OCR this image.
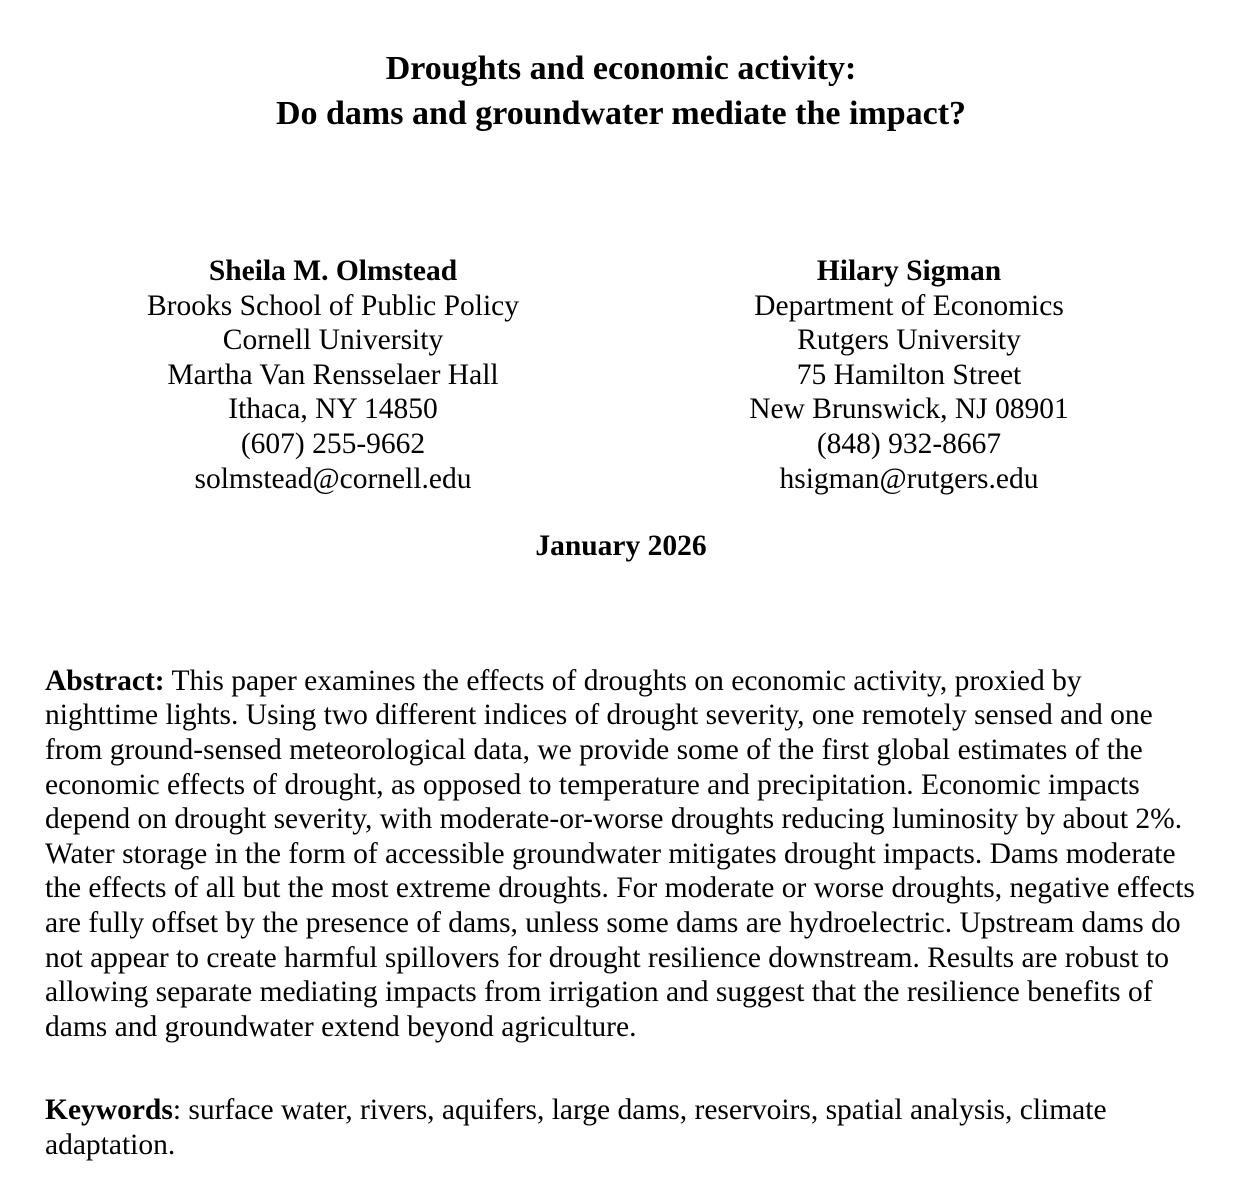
Droughts and economic activity:
Do dams and groundwater mediate the impact?
Sheila M. Olmstead
Brooks School of Public Policy
Cornell University
Martha Van Rensselaer Hall
Ithaca, NY 14850
(607) 255-9662
solmstead@cornell.edu
Hilary Sigman
Department of Economics
Rutgers University
75 Hamilton Street
New Brunswick, NJ 08901
(848) 932-8667
hsigman@rutgers.edu
January 2026

Abstract: This paper examines the effects of droughts on economic activity, proxied by nighttime lights. Using two different indices of drought severity, one remotely sensed and one from ground-sensed meteorological data, we provide some of the first global estimates of the economic effects of drought, as opposed to temperature and precipitation. Economic impacts depend on drought severity, with moderate-or-worse droughts reducing luminosity by about 2%. Water storage in the form of accessible groundwater mitigates drought impacts. Dams moderate the effects of all but the most extreme droughts. For moderate or worse droughts, negative effects are fully offset by the presence of dams, unless some dams are hydroelectric. Upstream dams do not appear to create harmful spillovers for drought resilience downstream. Results are robust to allowing separate mediating impacts from irrigation and suggest that the resilience benefits of dams and groundwater extend beyond agriculture.

Keywords: surface water, rivers, aquifers, large dams, reservoirs, spatial analysis, climate adaptation.
